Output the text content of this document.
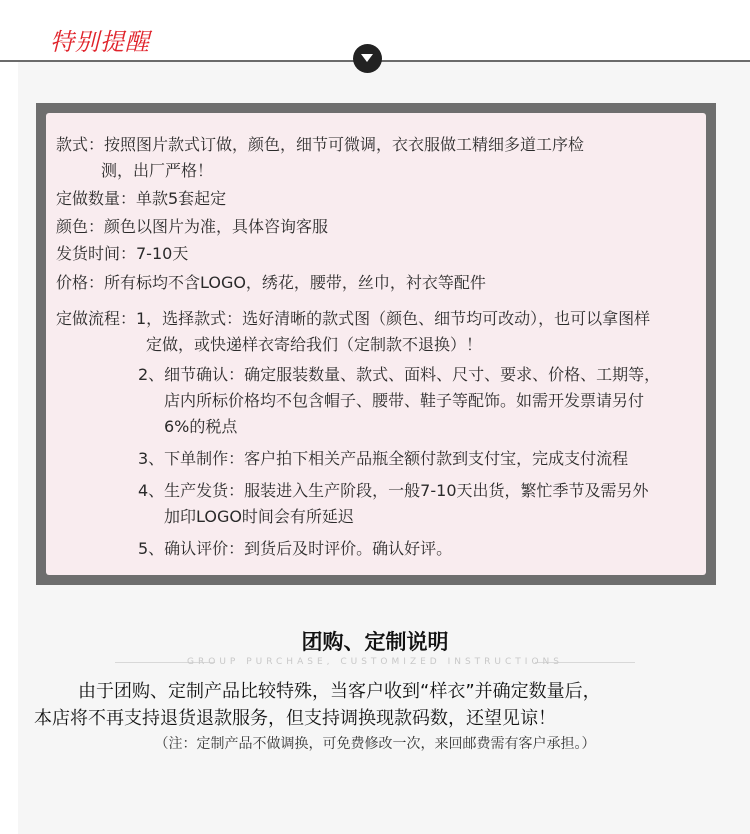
特别提醒
款式：按照图片款式订做，颜色，细节可微调，衣衣服做工精细多道工序检
测，出厂严格！
定做数量：单款5套起定
颜色：颜色以图片为准，具体咨询客服
发货时间：7-10天
价格：所有标均不含LOGO，绣花，腰带，丝巾，衬衣等配件
定做流程：1，选择款式：选好清晰的款式图（颜色、细节均可改动），也可以拿图样
定做，或快递样衣寄给我们（定制款不退换）！
2、细节确认：确定服装数量、款式、面料、尺寸、要求、价格、工期等，
店内所标价格均不包含帽子、腰带、鞋子等配饰。如需开发票请另付
6%的税点
3、下单制作：客户拍下相关产品瓶全额付款到支付宝，完成支付流程
4、生产发货：服装进入生产阶段，一般7-10天出货，繁忙季节及需另外
加印LOGO时间会有所延迟
5、确认评价：到货后及时评价。确认好评。
团购、定制说明
GROUP PURCHASE, CUSTOMIZED INSTRUCTIONS
由于团购、定制产品比较特殊，当客户收到“样衣”并确定数量后，
本店将不再支持退货退款服务，但支持调换现款码数，还望见谅！
（注：定制产品不做调换，可免费修改一次，来回邮费需有客户承担。）
